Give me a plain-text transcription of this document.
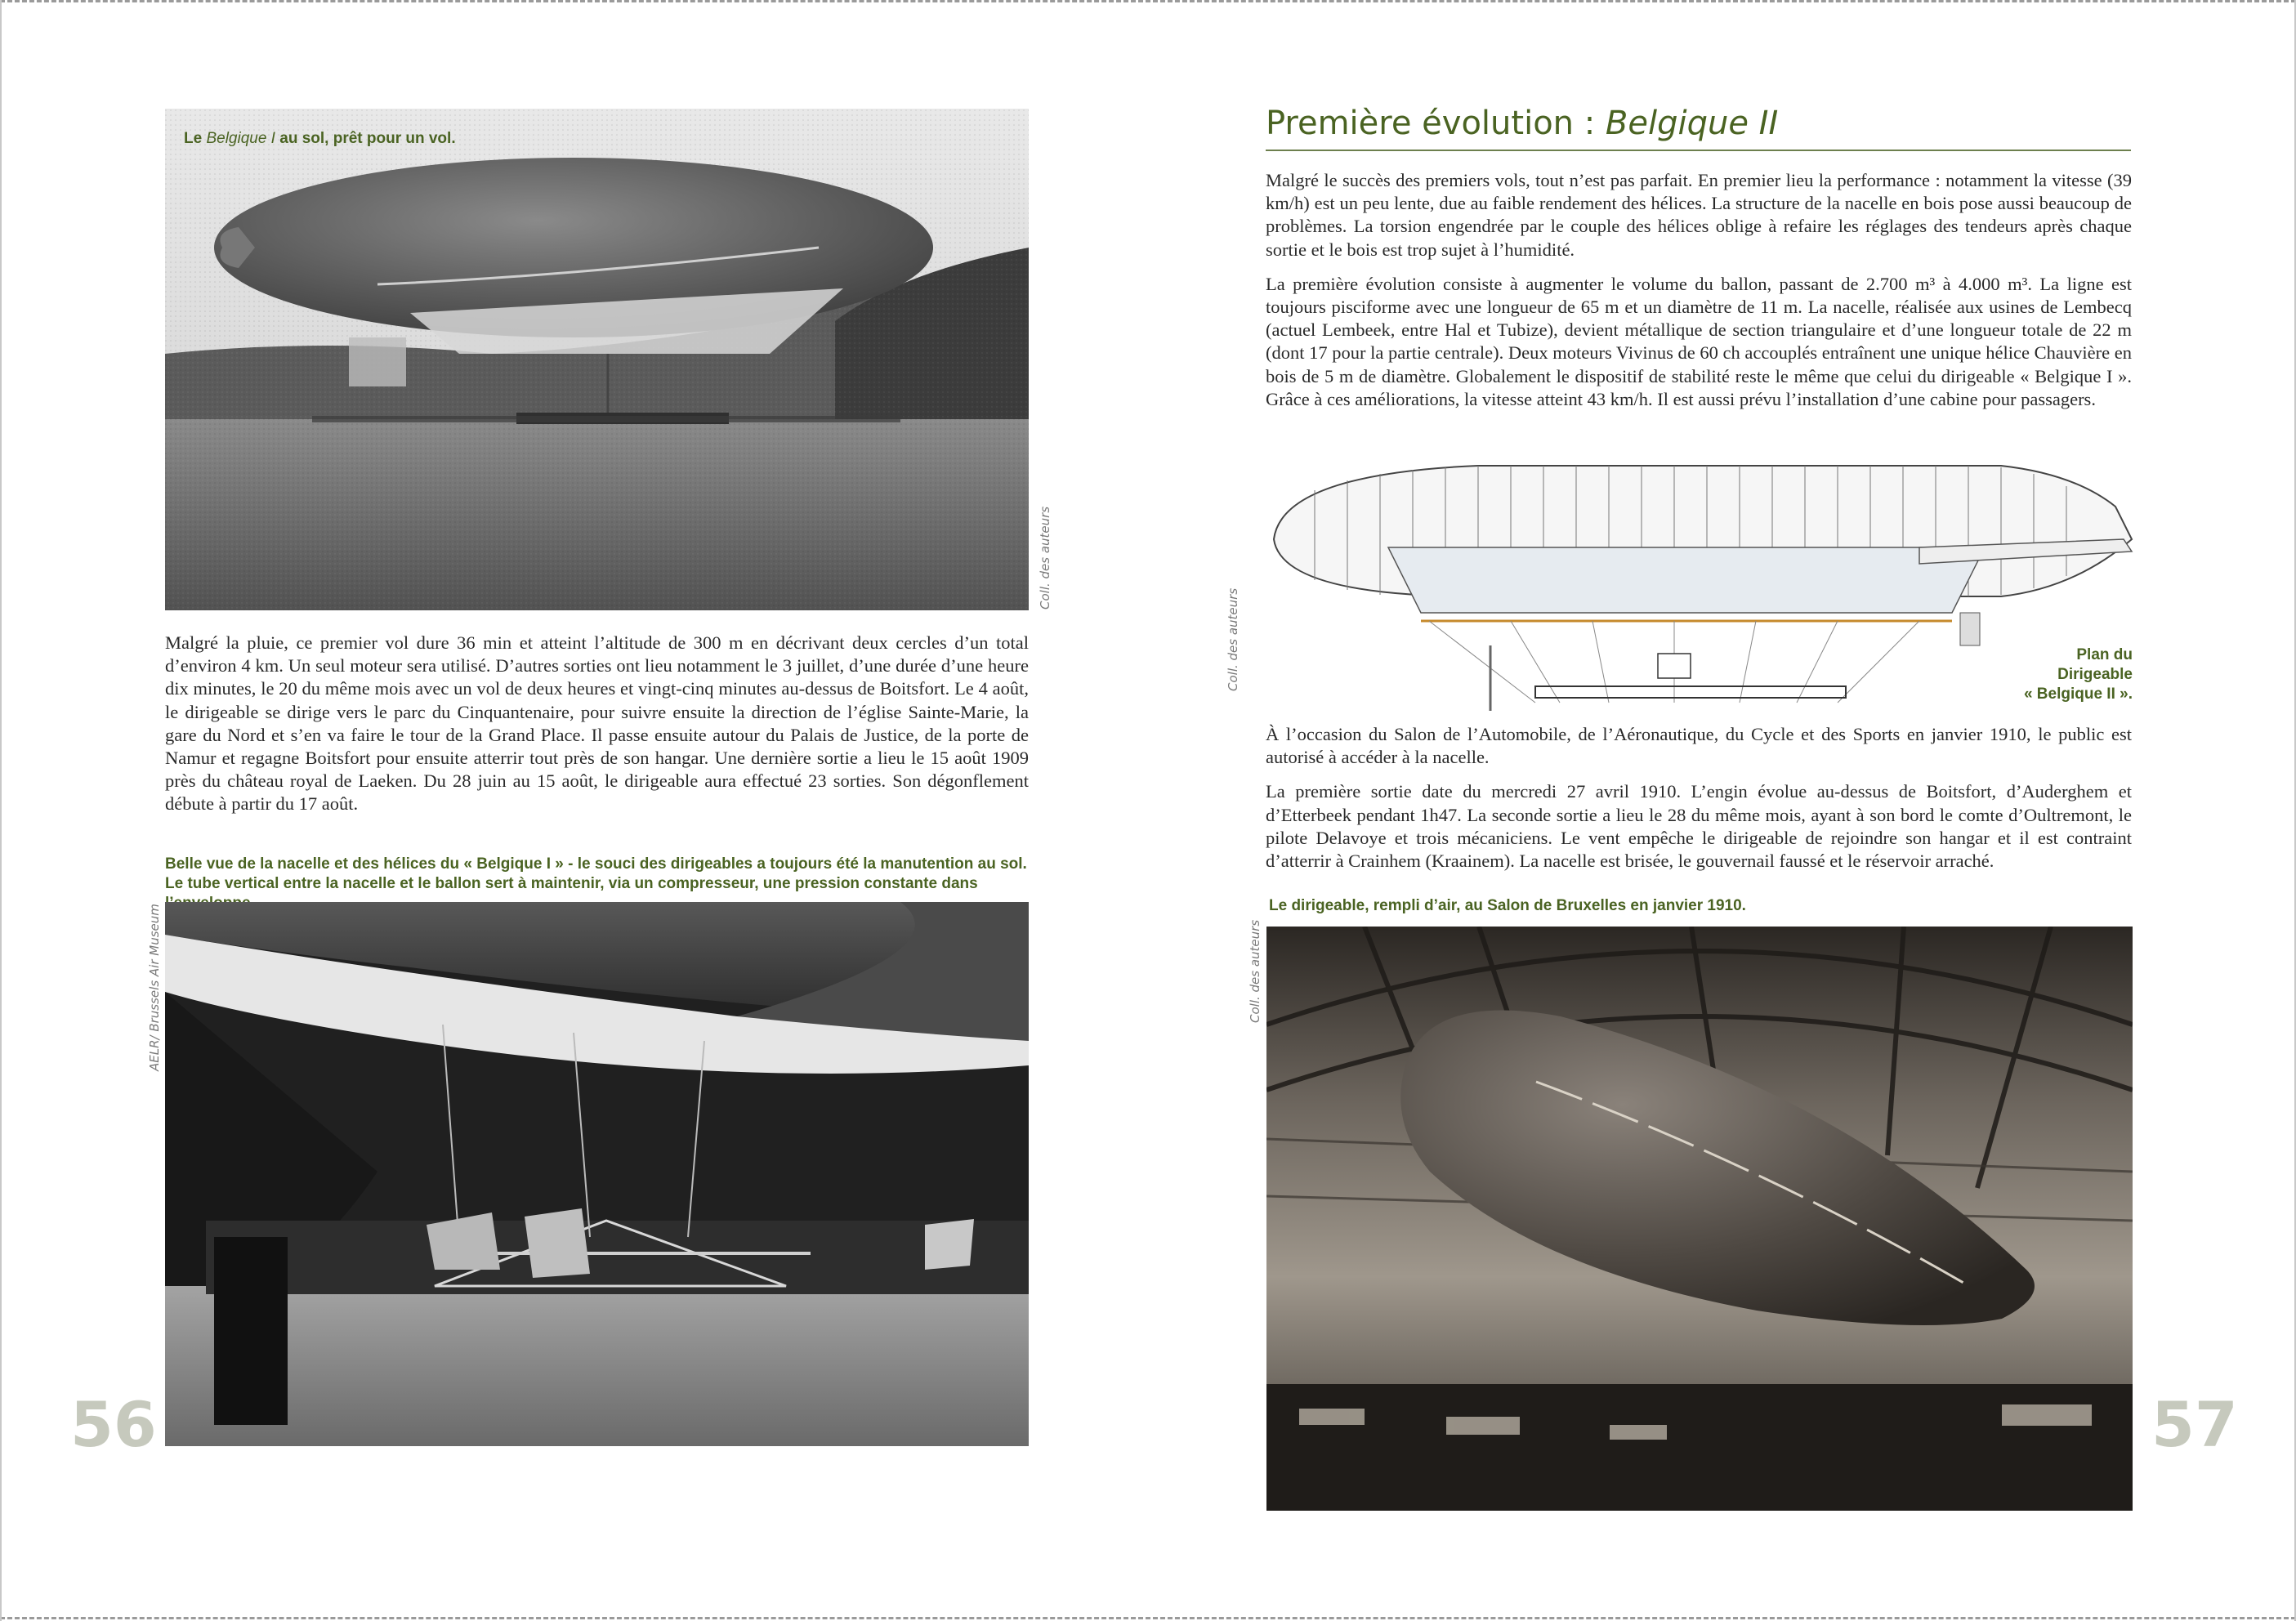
Le Belgique I au sol, prêt pour un vol.
Coll. des auteurs

Malgré la pluie, ce premier vol dure 36 min et atteint l’altitude de 300 m en décrivant deux cercles d’un total d’environ 4 km. Un seul moteur sera utilisé. D’autres sorties ont lieu notamment le 3 juillet, d’une durée d’une heure dix minutes, le 20 du même mois avec un vol de deux heures et vingt-cinq minutes au-dessus de Boitsfort. Le 4 août, le dirigeable se dirige vers le parc du Cinquantenaire, pour suivre ensuite la direction de l’église Sainte-Marie, la gare du Nord et s’en va faire le tour de la Grand Place. Il passe ensuite autour du Palais de Justice, de la porte de Namur et regagne Boitsfort pour ensuite atterrir tout près de son hangar. Une dernière sortie a lieu le 15 août 1909 près du château royal de Laeken. Du 28 juin au 15 août, le dirigeable aura effectué 23 sorties. Son dégonflement débute à partir du 17 août.

Belle vue de la nacelle et des hélices du « Belgique I » - le souci des dirigeables a toujours été la manutention au sol.
Le tube vertical entre la nacelle et le ballon sert à maintenir, via un compresseur, une pression constante dans
AELR/ Brussels Air Museum
56
Première évolution : Belgique II

Malgré le succès des premiers vols, tout n’est pas parfait. En premier lieu la performance : notamment la vitesse (39 km/h) est un peu lente, due au faible rendement des hélices. La structure de la nacelle en bois pose aussi beaucoup de problèmes. La torsion engendrée par le couple des hélices oblige à refaire les réglages des tendeurs après chaque sortie et le bois est trop sujet à l’humidité.

La première évolution consiste à augmenter le volume du ballon, passant de 2.700 m³ à 4.000 m³. La ligne est toujours pisciforme avec une longueur de 65 m et un diamètre de 11 m. La nacelle, réalisée aux usines de Lembecq (actuel Lembeek, entre Hal et Tubize), devient métallique de section triangulaire et d’une longueur totale de 22 m (dont 17 pour la partie centrale). Deux moteurs Vivinus de 60 ch accouplés entraînent une unique hélice Chauvière en bois de 5 m de diamètre. Globalement le dispositif de stabilité reste le même que celui du dirigeable « Belgique I ». Grâce à ces améliorations, la vitesse atteint 43 km/h. Il est aussi prévu l’installation d’une cabine pour passagers.

Coll. des auteurs	Plan du
Dirigeable
« Belgique II ».

À l’occasion du Salon de l’Automobile, de l’Aéronautique, du Cycle et des Sports en janvier 1910, le public est autorisé à accéder à la nacelle.

La première sortie date du mercredi 27 avril 1910. L’engin évolue au-dessus de Boitsfort, d’Auderghem et d’Etterbeek pendant 1h47. La seconde sortie a lieu le 28 du même mois, ayant à son bord le comte d’Oultremont, le pilote Delavoye et trois mécaniciens. Le vent empêche le dirigeable de rejoindre son hangar et il est contraint d’atterrir à Crainhem (Kraainem). La nacelle est brisée, le gouvernail faussé et le réservoir arraché.

Le dirigeable, rempli d’air, au Salon de Bruxelles en janvier 1910.
Coll. des auteurs
57
